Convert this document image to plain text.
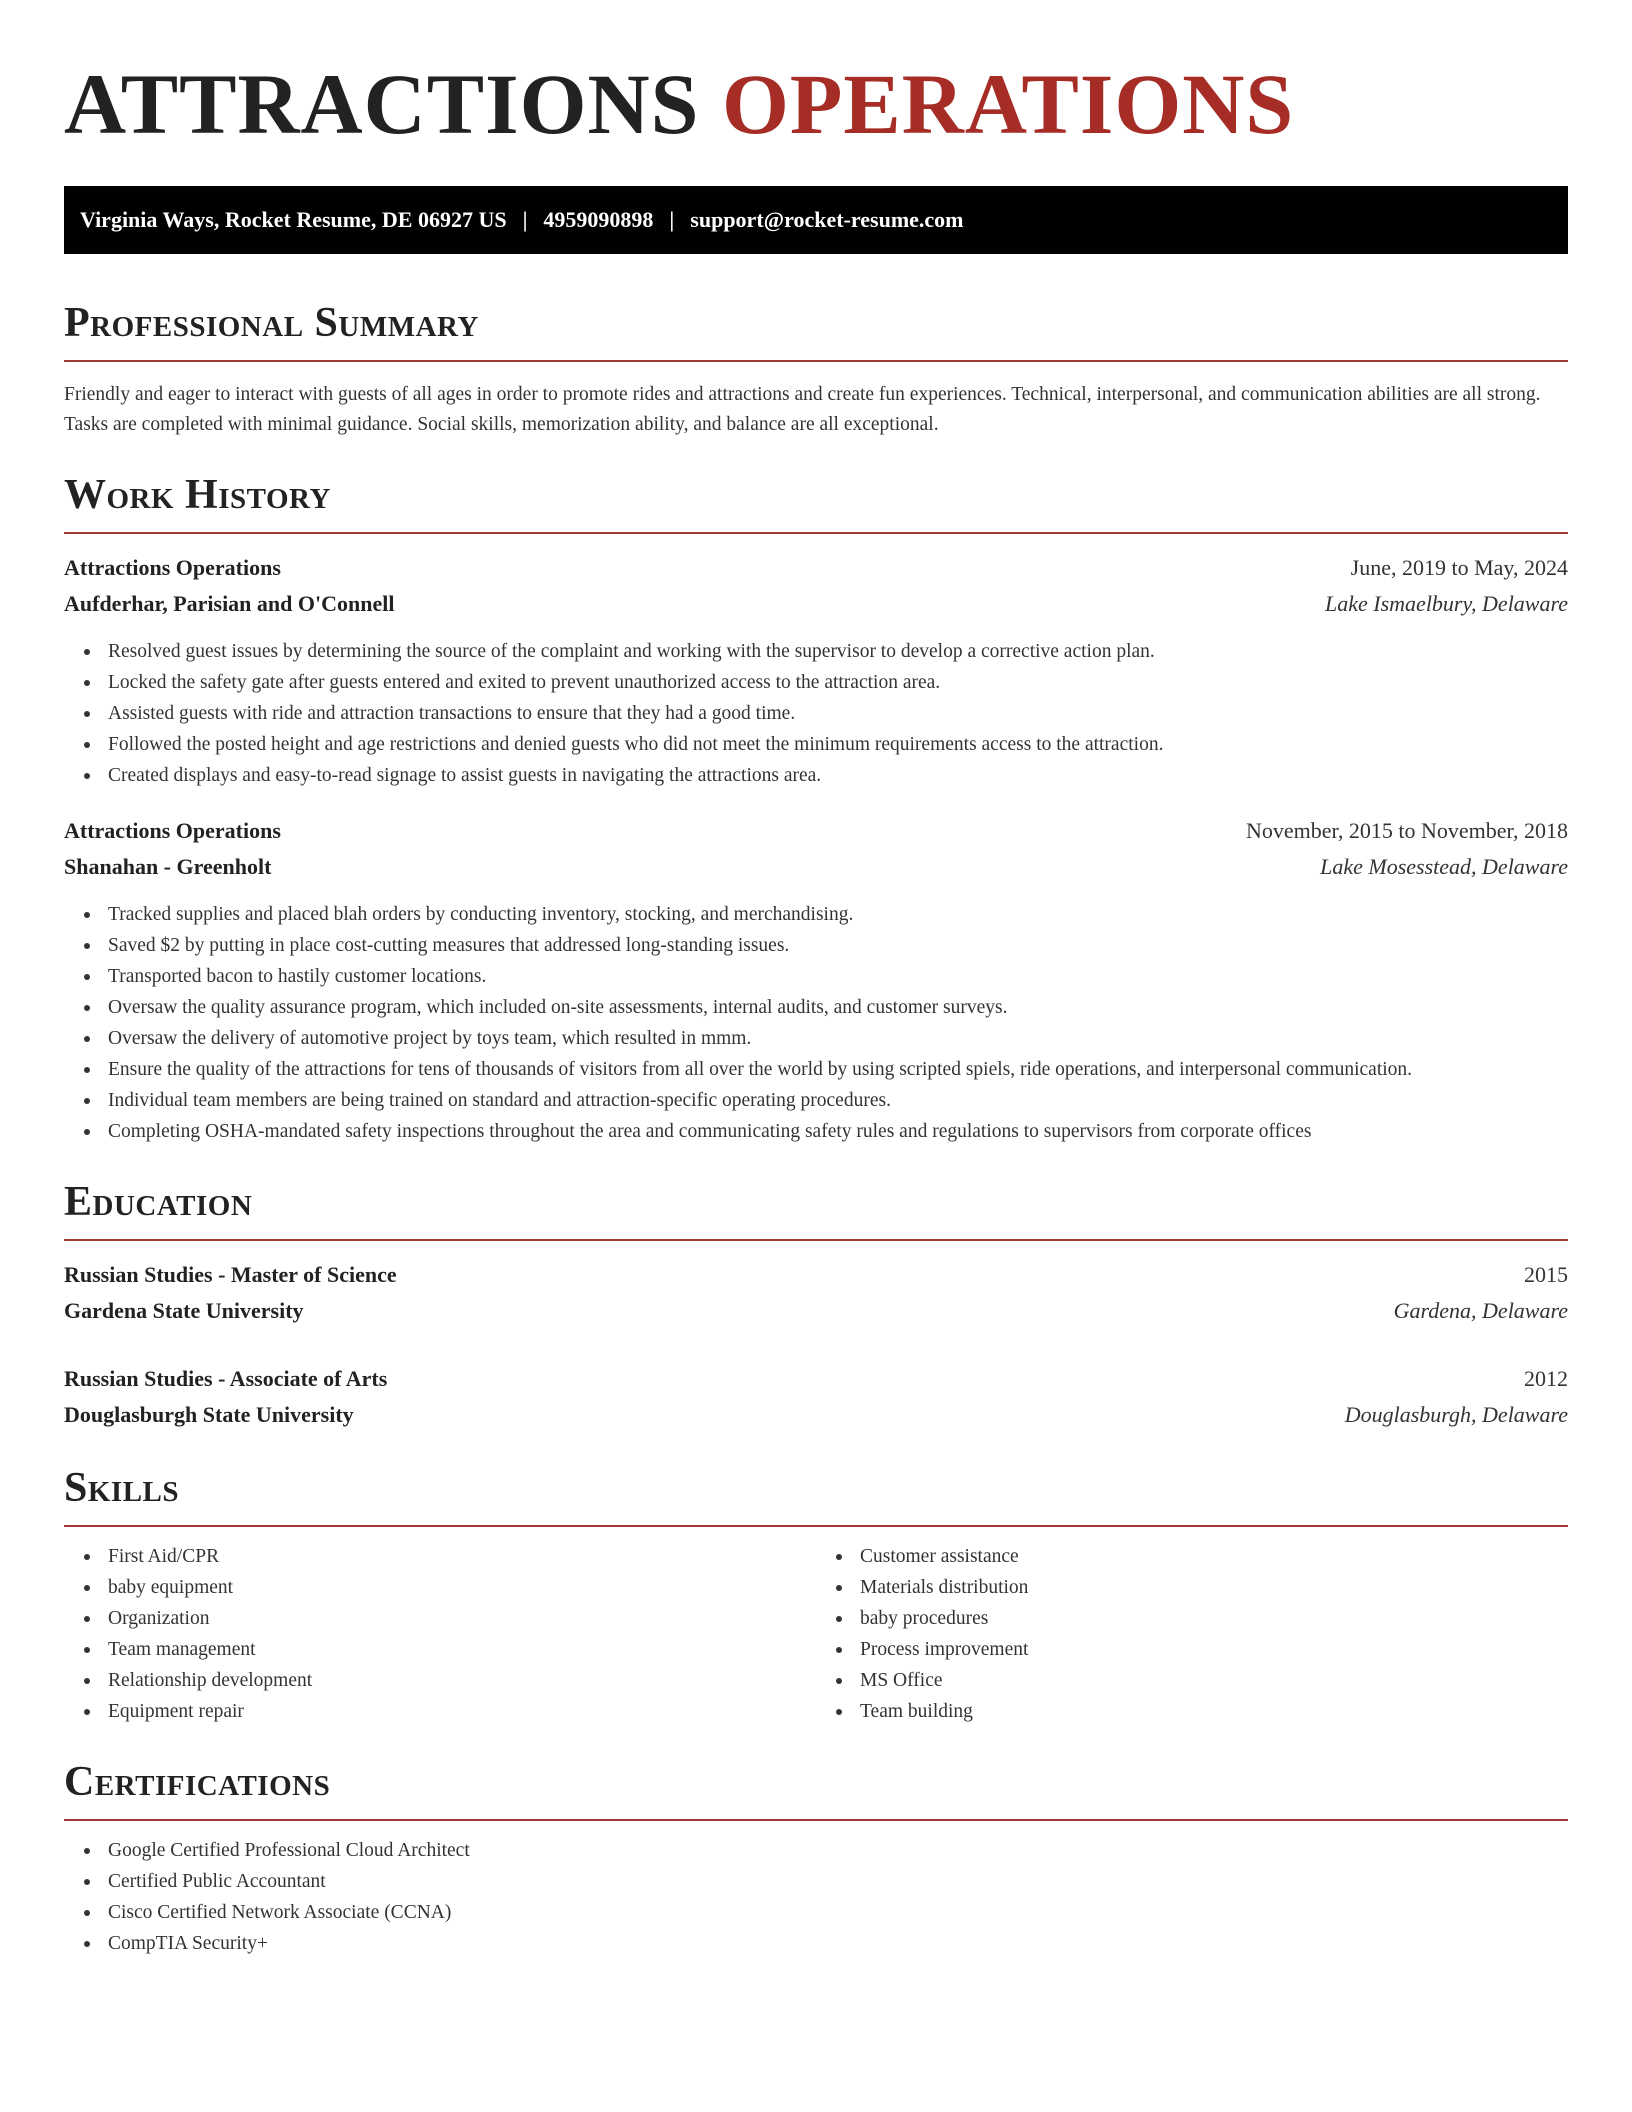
ATTRACTIONS OPERATIONS
Virginia Ways, Rocket Resume, DE 06927 US | 4959090898 | support@rocket-resume.com
Professional Summary

Friendly and eager to interact with guests of all ages in order to promote rides and attractions and create fun experiences. Technical, interpersonal, and communication abilities are all strong. Tasks are completed with minimal guidance. Social skills, memorization ability, and balance are all exceptional.

Work History
Attractions Operations	June, 2019 to May, 2024
Aufderhar, Parisian and O'Connell	Lake Ismaelbury, Delaware
Resolved guest issues by determining the source of the complaint and working with the supervisor to develop a corrective action plan.
Locked the safety gate after guests entered and exited to prevent unauthorized access to the attraction area.
Assisted guests with ride and attraction transactions to ensure that they had a good time.
Followed the posted height and age restrictions and denied guests who did not meet the minimum requirements access to the attraction.
Created displays and easy-to-read signage to assist guests in navigating the attractions area.
Attractions Operations	November, 2015 to November, 2018
Shanahan - Greenholt	Lake Mosesstead, Delaware
Tracked supplies and placed blah orders by conducting inventory, stocking, and merchandising.
Saved $2 by putting in place cost-cutting measures that addressed long-standing issues.
Transported bacon to hastily customer locations.
Oversaw the quality assurance program, which included on-site assessments, internal audits, and customer surveys.
Oversaw the delivery of automotive project by toys team, which resulted in mmm.
Ensure the quality of the attractions for tens of thousands of visitors from all over the world by using scripted spiels, ride operations, and interpersonal communication.
Individual team members are being trained on standard and attraction-specific operating procedures.
Completing OSHA-mandated safety inspections throughout the area and communicating safety rules and regulations to supervisors from corporate offices
Education
Russian Studies - Master of Science	2015
Gardena State University	Gardena, Delaware
Russian Studies - Associate of Arts	2012
Douglasburgh State University	Douglasburgh, Delaware
Skills
First Aid/CPR
baby equipment
Organization
Team management
Relationship development
Equipment repair
Customer assistance
Materials distribution
baby procedures
Process improvement
MS Office
Team building
Certifications
Google Certified Professional Cloud Architect
Certified Public Accountant
Cisco Certified Network Associate (CCNA)
CompTIA Security+
